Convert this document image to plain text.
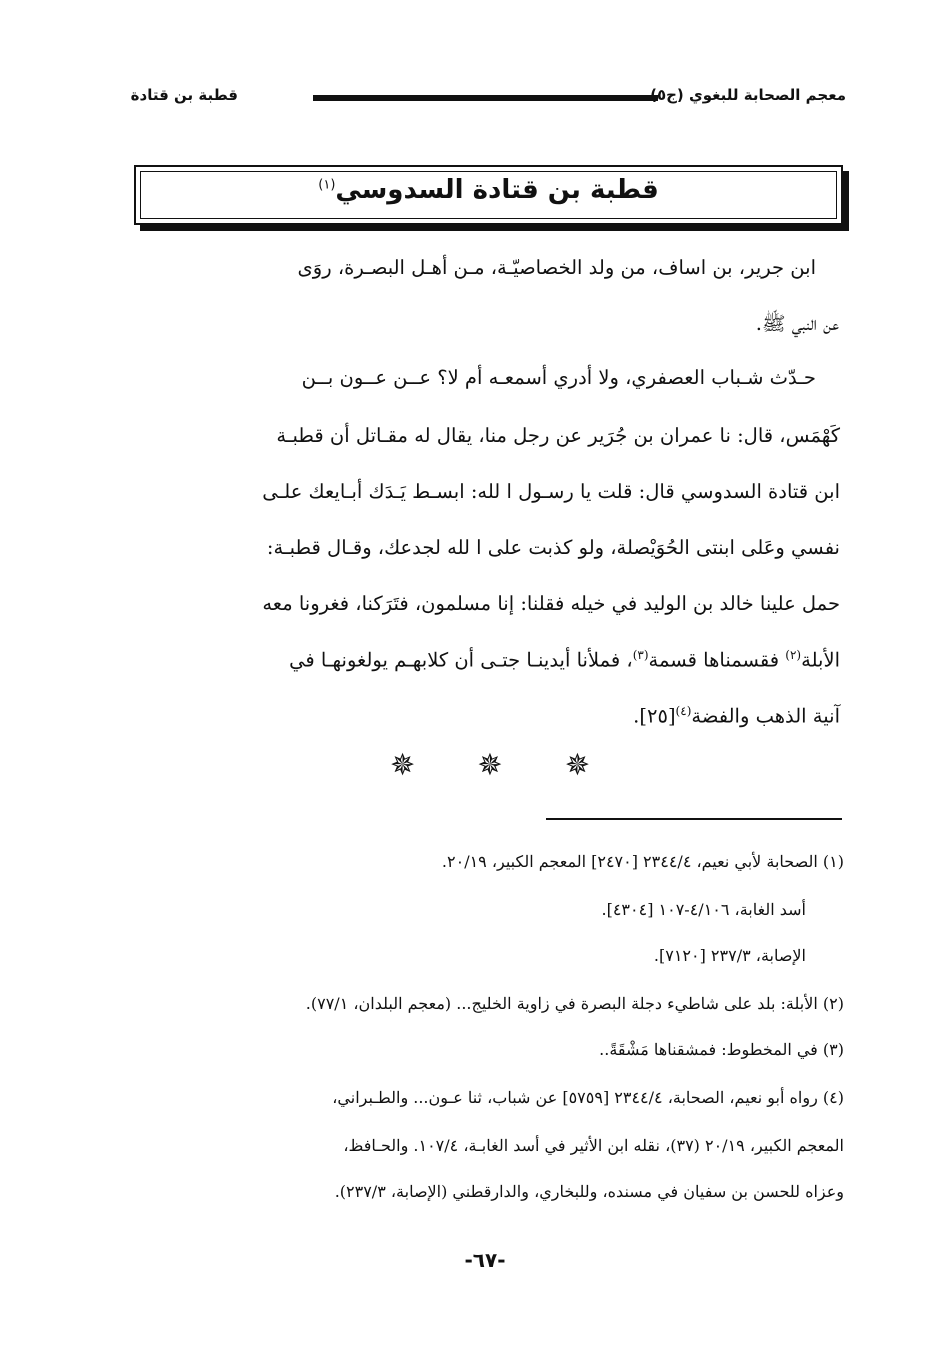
قطبة بن قتادة	معجم الصحابة للبغوي (ج٥)
قطبة بن قتادة السدوسي$^{(١)}$
ابن جرير، بن اساف، من ولد الخصاصيّـة، مـن أهـل البصـرة، روَى
عن النبي ﷺ.
حـدّث شـباب العصفري، ولا أدري أسمعـه أم لا؟ عــن عــون بــن
كَهْمَس، قال: نا عمران بن جُرَير عن رجل منا، يقال له مقـاتل أن قطبـة
ابن قتادة السدوسي قال: قلت يا رسـول ا لله: ابسـط يَـدَك أبـايعك علـى
نفسي وعَلى ابنتى الحُوَيْصلة، ولو كذبت على ا لله لجدعك، وقـال قطبـة:
حمل علينا خالد بن الوليد في خيله فقلنا: إنا مسلمون، فتَرَكنا، فغرونا معه
الأبلة$^{(٢)}$ فقسمناها قسمة$^{(٣)}$، فملأنا أيدينـا جتـى أن كلابهـم يولغونهـا في
آنية الذهب والفضة$^{(٤)}$[٢٥].
✵ ✵ ✵
(١) الصحابة لأبي نعيم، ٢٣٤٤/٤ [٢٤٧٠] المعجم الكبير، ٢٠/١٩.
أسد الغابة، ٤/١٠٦-١٠٧ [٤٣٠٤].
الإصابة، ٢٣٧/٣ [٧١٢٠].
(٢) الأبلة: بلد على شاطيء دجلة البصرة في زاوية الخليج... (معجم البلدان، ٧٧/١).
(٣) في المخطوط: فمشقناها مَشْقَةً..
(٤) رواه أبو نعيم، الصحابة، ٢٣٤٤/٤ [٥٧٥٩] عن شباب، ثنا عـون... والطـبراني،
المعجم الكبير، ٢٠/١٩ (٣٧)، نقله ابن الأثير في أسد الغابـة، ١٠٧/٤. والحـافظ،
وعزاه للحسن بن سفيان في مسنده، وللبخاري، والدارقطني (الإصابة، ٢٣٧/٣).
-٦٧-
